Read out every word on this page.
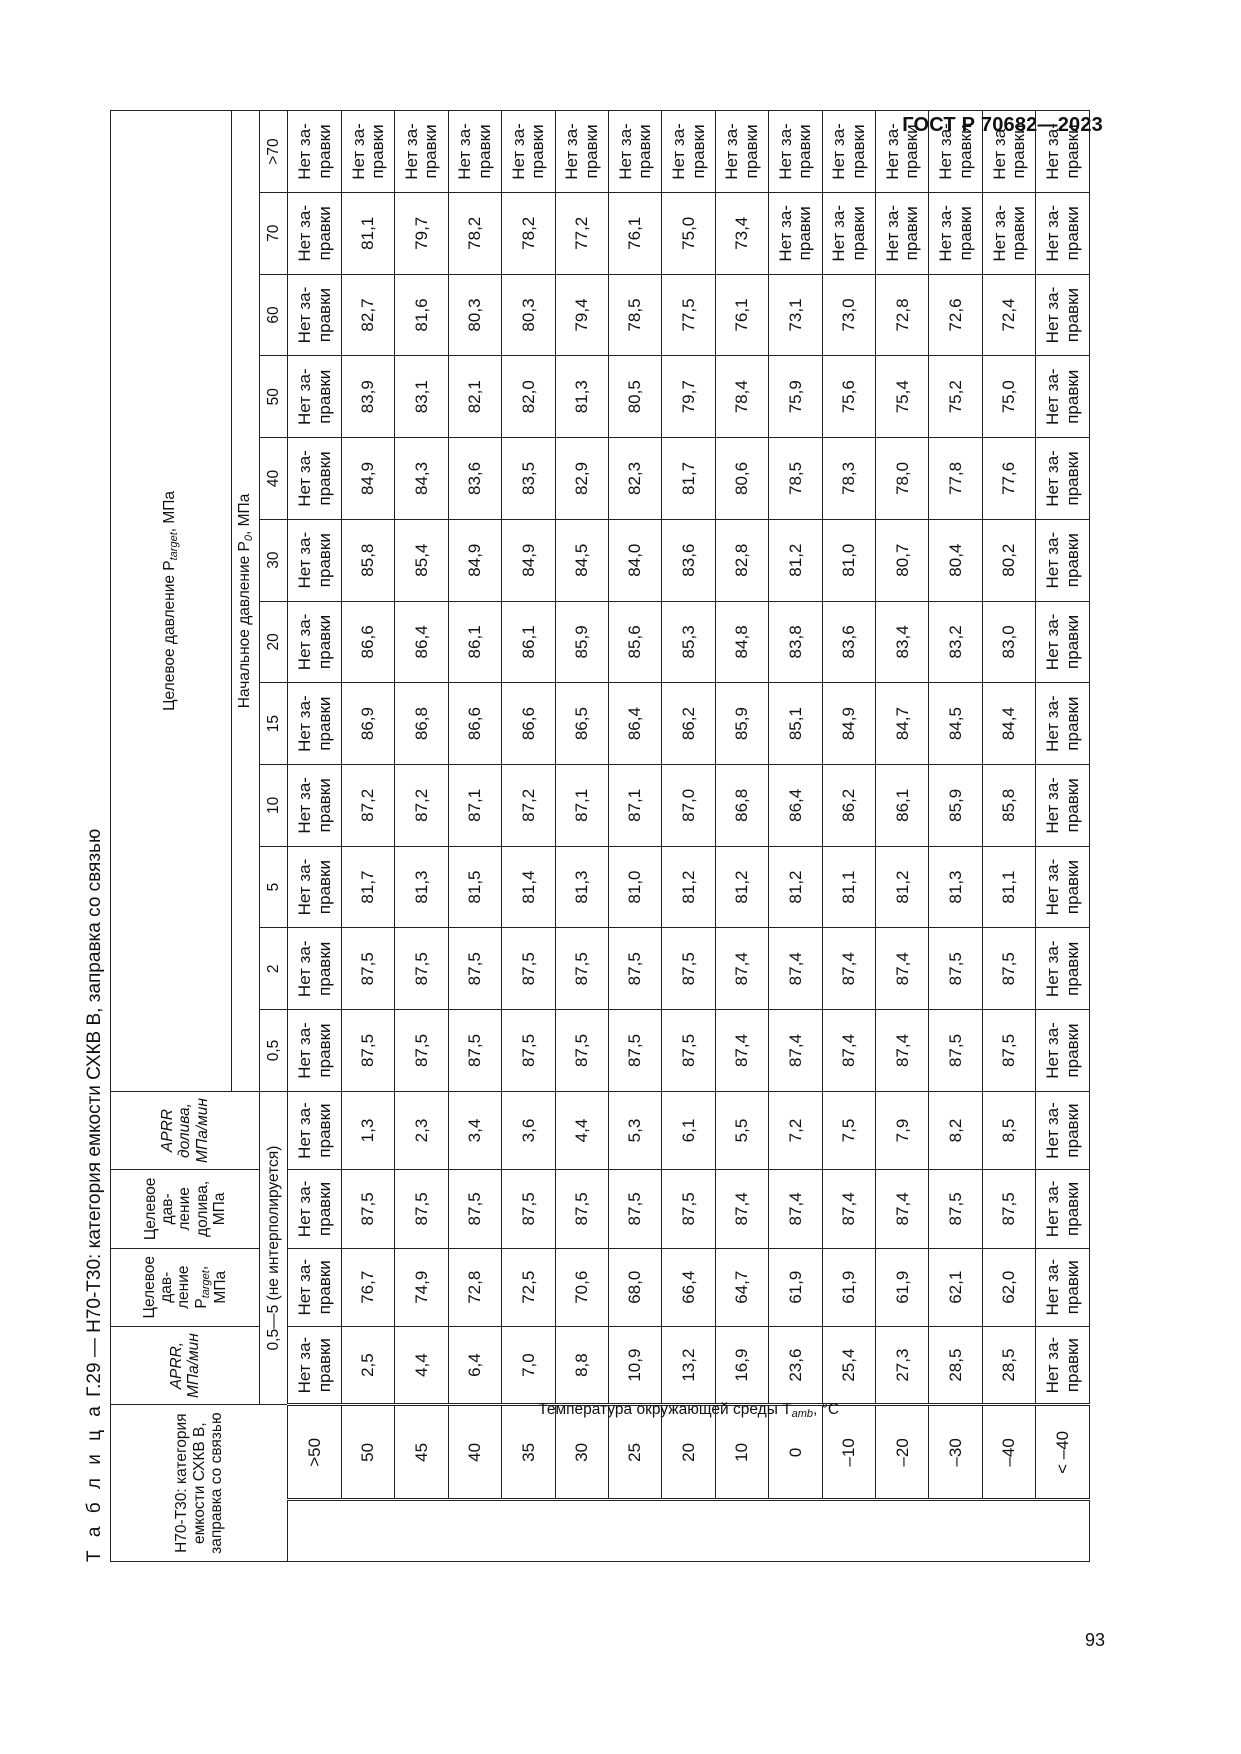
ГОСТ Р 70682—2023
Т а б л и ц а Г.29 — Н70-Т30: категория емкости СХКВ В, заправка со связью
Н70-Т30: категория емкости СХКВ В, заправка со связью		APRR, МПа/мин	Целевое дав-ление $P_{target}$, МПа	Целевое дав-ление долива, МПа	APRR долива, МПа/мин	Целевое давление $P_{target}$, МПа											
						Начальное давление $P_0$, МПа											
		0,5—5 (не интерполируется)				0,5	2	5	10	15	20	30	40	50	60	70	>70
Температура окружающей среды $T_{amb}$, °C	>50	Нет за-правки	Нет за-правки	Нет за-правки	Нет за-правки	Нет за-правки	Нет за-правки	Нет за-правки	Нет за-правки	Нет за-правки	Нет за-правки	Нет за-правки	Нет за-правки	Нет за-правки	Нет за-правки	Нет за-правки	Нет за-правки
	50	2,5	76,7	87,5	1,3	87,5	87,5	81,7	87,2	86,9	86,6	85,8	84,9	83,9	82,7	81,1	Нет за-правки
	45	4,4	74,9	87,5	2,3	87,5	87,5	81,3	87,2	86,8	86,4	85,4	84,3	83,1	81,6	79,7	Нет за-правки
	40	6,4	72,8	87,5	3,4	87,5	87,5	81,5	87,1	86,6	86,1	84,9	83,6	82,1	80,3	78,2	Нет за-правки
	35	7,0	72,5	87,5	3,6	87,5	87,5	81,4	87,2	86,6	86,1	84,9	83,5	82,0	80,3	78,2	Нет за-правки
	30	8,8	70,6	87,5	4,4	87,5	87,5	81,3	87,1	86,5	85,9	84,5	82,9	81,3	79,4	77,2	Нет за-правки
	25	10,9	68,0	87,5	5,3	87,5	87,5	81,0	87,1	86,4	85,6	84,0	82,3	80,5	78,5	76,1	Нет за-правки
	20	13,2	66,4	87,5	6,1	87,5	87,5	81,2	87,0	86,2	85,3	83,6	81,7	79,7	77,5	75,0	Нет за-правки
	10	16,9	64,7	87,4	5,5	87,4	87,4	81,2	86,8	85,9	84,8	82,8	80,6	78,4	76,1	73,4	Нет за-правки
	0	23,6	61,9	87,4	7,2	87,4	87,4	81,2	86,4	85,1	83,8	81,2	78,5	75,9	73,1	Нет за-правки	Нет за-правки
	–10	25,4	61,9	87,4	7,5	87,4	87,4	81,1	86,2	84,9	83,6	81,0	78,3	75,6	73,0	Нет за-правки	Нет за-правки
	–20	27,3	61,9	87,4	7,9	87,4	87,4	81,2	86,1	84,7	83,4	80,7	78,0	75,4	72,8	Нет за-правки	Нет за-правки
	–30	28,5	62,1	87,5	8,2	87,5	87,5	81,3	85,9	84,5	83,2	80,4	77,8	75,2	72,6	Нет за-правки	Нет за-правки
	–40	28,5	62,0	87,5	8,5	87,5	87,5	81,1	85,8	84,4	83,0	80,2	77,6	75,0	72,4	Нет за-правки	Нет за-правки
	< –40	Нет за-правки	Нет за-правки	Нет за-правки	Нет за-правки	Нет за-правки	Нет за-правки	Нет за-правки	Нет за-правки	Нет за-правки	Нет за-правки	Нет за-правки	Нет за-правки	Нет за-правки	Нет за-правки	Нет за-правки	Нет за-правки
93
